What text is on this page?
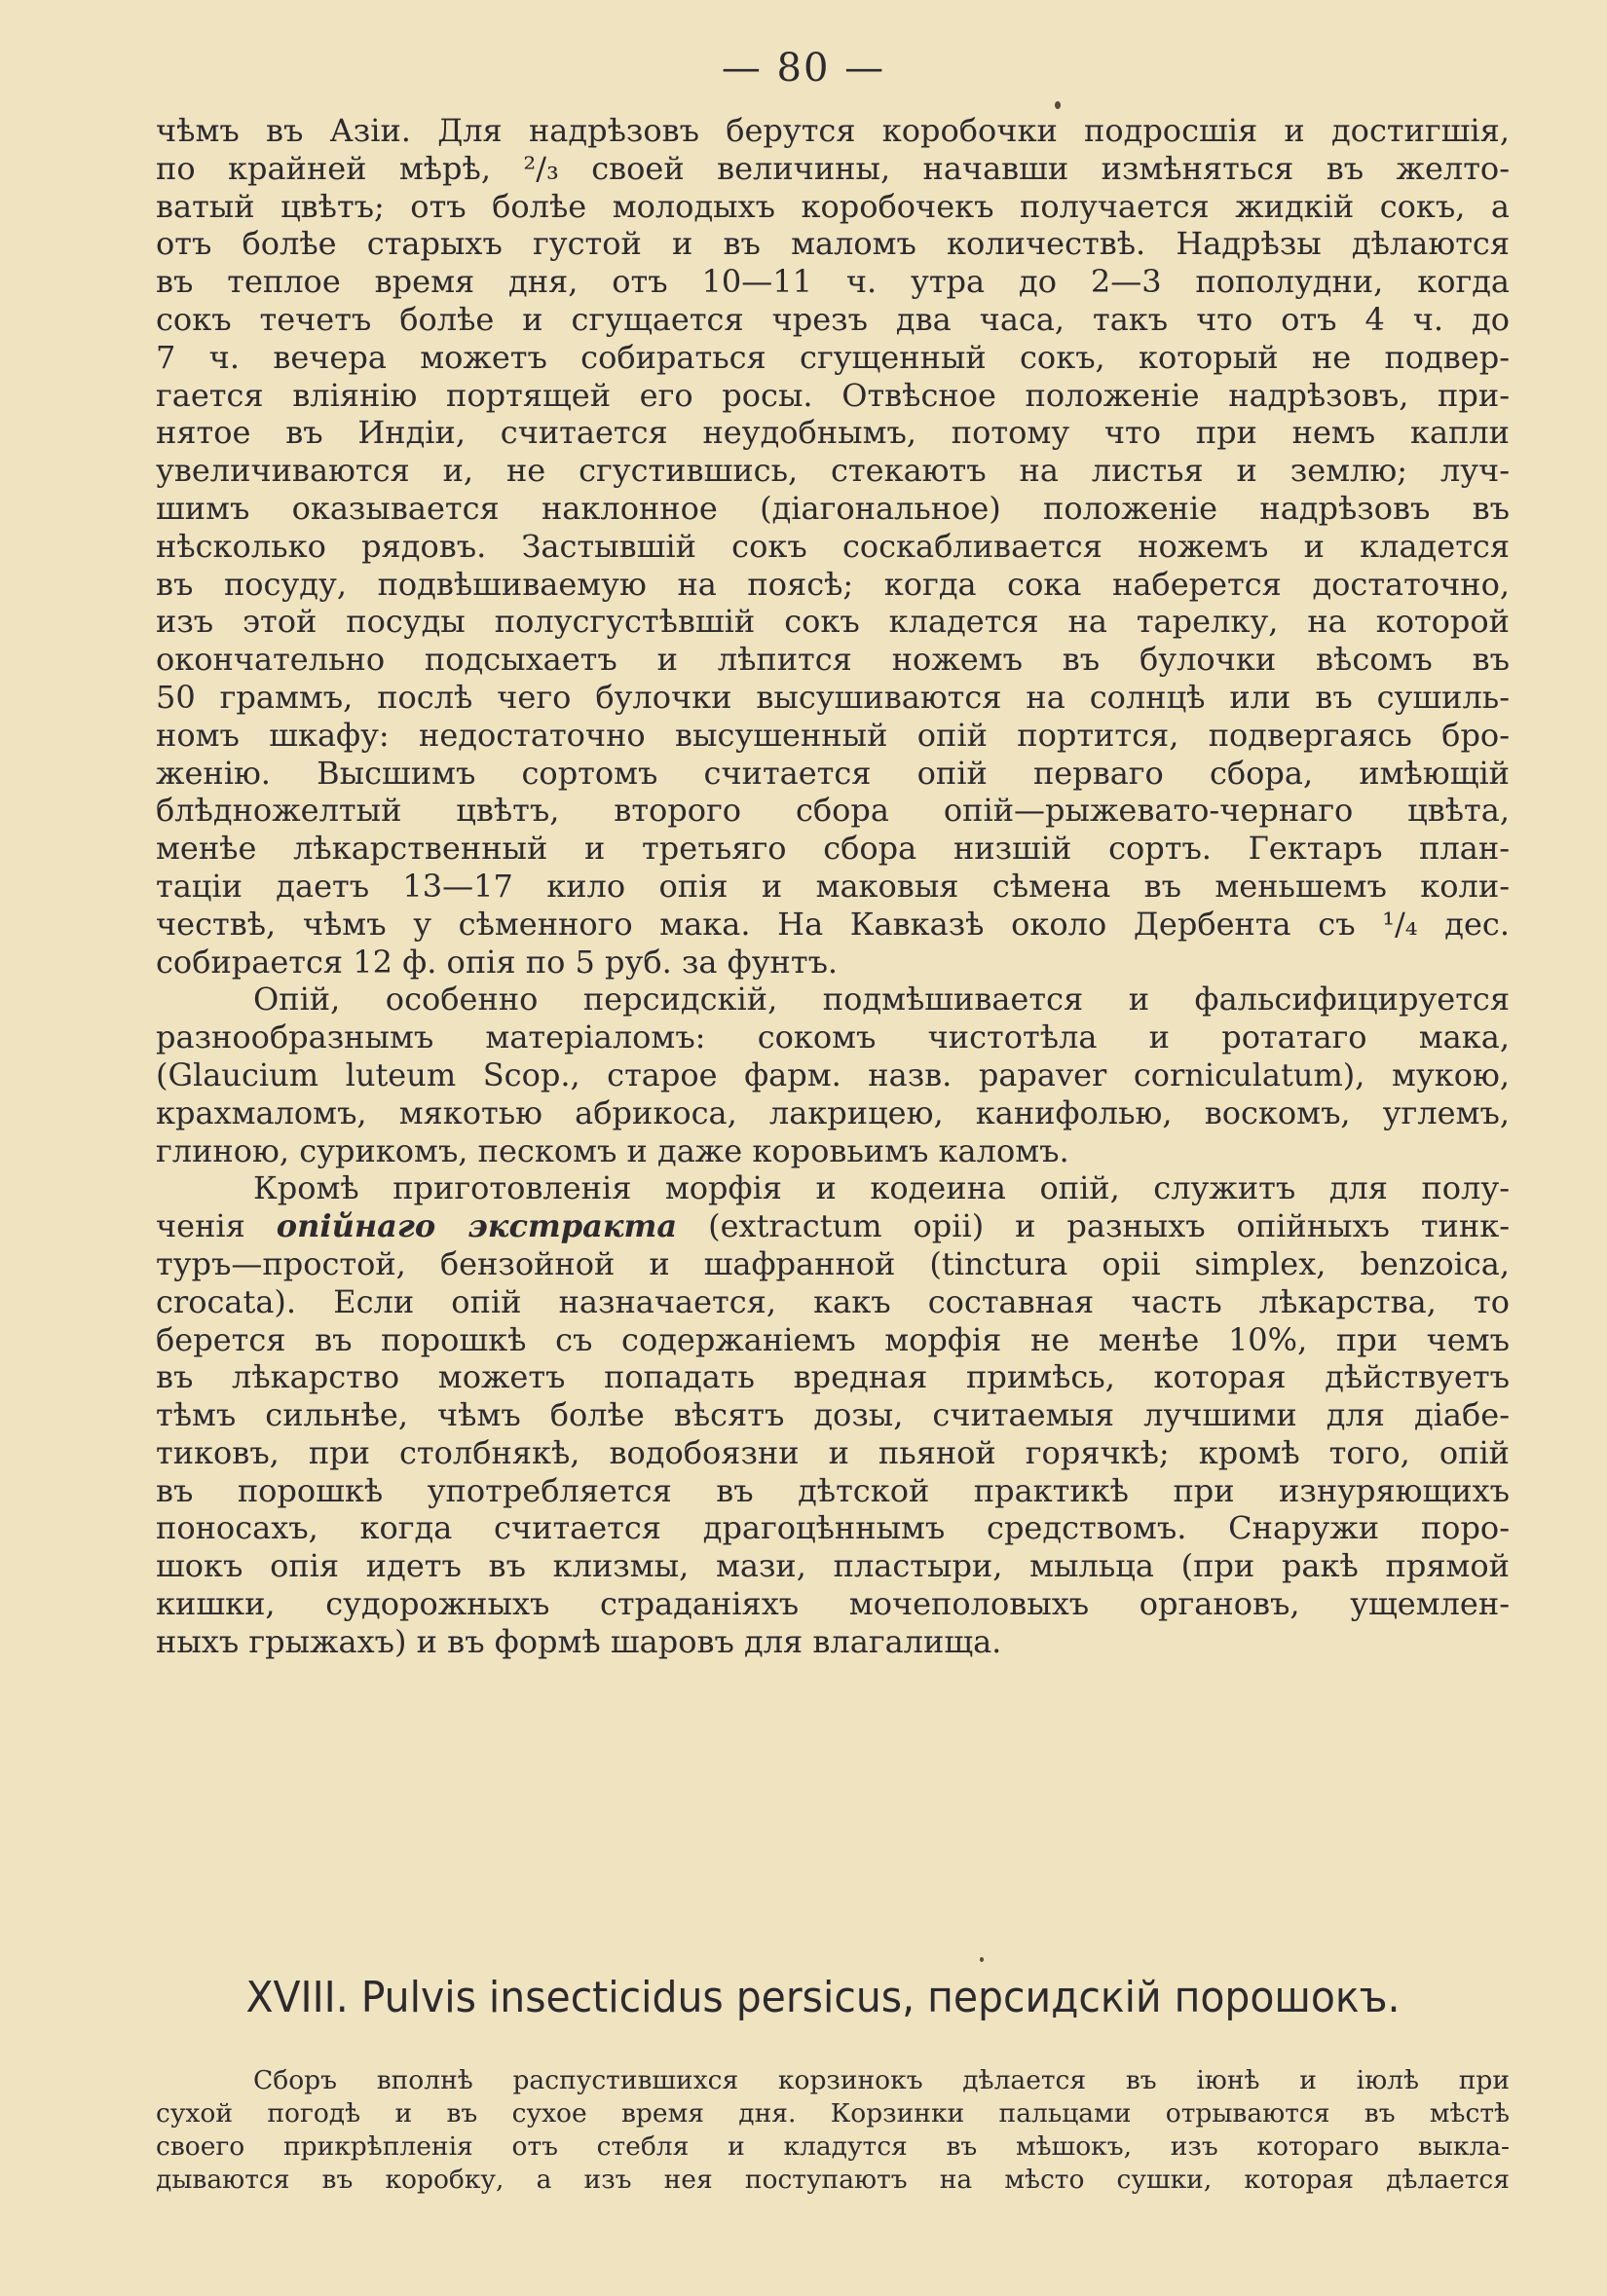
— 80 —
чѣмъ въ Азіи. Для надрѣзовъ берутся коробочки подросшія и достигшія,
по крайней мѣрѣ, ²/₃ своей величины, начавши измѣняться въ желто-
ватый цвѣтъ; отъ болѣе молодыхъ коробочекъ получается жидкій сокъ, а
отъ болѣе старыхъ густой и въ маломъ количествѣ. Надрѣзы дѣлаются
въ теплое время дня, отъ 10—11 ч. утра до 2—3 пополудни, когда
сокъ течетъ болѣе и сгущается чрезъ два часа, такъ что отъ 4 ч. до
7 ч. вечера можетъ собираться сгущенный сокъ, который не подвер-
гается вліянію портящей его росы. Отвѣсное положеніе надрѣзовъ, при-
нятое въ Индіи, считается неудобнымъ, потому что при немъ капли
увеличиваются и, не сгустившись, стекаютъ на листья и землю; луч-
шимъ оказывается наклонное (діагональное) положеніе надрѣзовъ въ
нѣсколько рядовъ. Застывшій сокъ соскабливается ножемъ и кладется
въ посуду, подвѣшиваемую на поясѣ; когда сока наберется достаточно,
изъ этой посуды полусгустѣвшій сокъ кладется на тарелку, на которой
окончательно подсыхаетъ и лѣпится ножемъ въ булочки вѣсомъ въ
50 граммъ, послѣ чего булочки высушиваются на солнцѣ или въ сушиль-
номъ шкафу: недостаточно высушенный опій портится, подвергаясь бро-
женію. Высшимъ сортомъ считается опій перваго сбора, имѣющій
блѣдножелтый цвѣтъ, второго сбора опій—рыжевато-чернаго цвѣта,
менѣе лѣкарственный и третьяго сбора низшій сортъ. Гектаръ план-
таціи даетъ 13—17 кило опія и маковыя сѣмена въ меньшемъ коли-
чествѣ, чѣмъ у сѣменного мака. На Кавказѣ около Дербента съ ¹/₄ дес.
собирается 12 ф. опія по 5 руб. за фунтъ.
Опій, особенно персидскій, подмѣшивается и фальсифицируется
разнообразнымъ матеріаломъ: сокомъ чистотѣла и ротатаго мака,
(Glaucium luteum Scop., старое фарм. назв. papaver corniculatum), мукою,
крахмаломъ, мякотью абрикоса, лакрицею, канифолью, воскомъ, углемъ,
глиною, сурикомъ, пескомъ и даже коровьимъ каломъ.
Кромѣ приготовленія морфія и кодеина опій, служитъ для полу-
ченія опійнаго экстракта (extractum opii) и разныхъ опійныхъ тинк-
туръ—простой, бензойной и шафранной (tinctura opii simplex, benzoica,
crocata). Если опій назначается, какъ составная часть лѣкарства, то
берется въ порошкѣ съ содержаніемъ морфія не менѣе 10%, при чемъ
въ лѣкарство можетъ попадать вредная примѣсь, которая дѣйствуетъ
тѣмъ сильнѣе, чѣмъ болѣе вѣсятъ дозы, считаемыя лучшими для діабе-
тиковъ, при столбнякѣ, водобоязни и пьяной горячкѣ; кромѣ того, опій
въ порошкѣ употребляется въ дѣтской практикѣ при изнуряющихъ
поносахъ, когда считается драгоцѣннымъ средствомъ. Снаружи поро-
шокъ опія идетъ въ клизмы, мази, пластыри, мыльца (при ракѣ прямой
кишки, судорожныхъ страданіяхъ мочеполовыхъ органовъ, ущемлен-
ныхъ грыжахъ) и въ формѣ шаровъ для влагалища.
XVIII. Pulvis insecticidus persicus, персидскій порошокъ.
Сборъ вполнѣ распустившихся корзинокъ дѣлается въ іюнѣ и іюлѣ при
сухой погодѣ и въ сухое время дня. Корзинки пальцами отрываются въ мѣстѣ
своего прикрѣпленія отъ стебля и кладутся въ мѣшокъ, изъ котораго выкла-
дываются въ коробку, а изъ нея поступаютъ на мѣсто сушки, которая дѣлается
